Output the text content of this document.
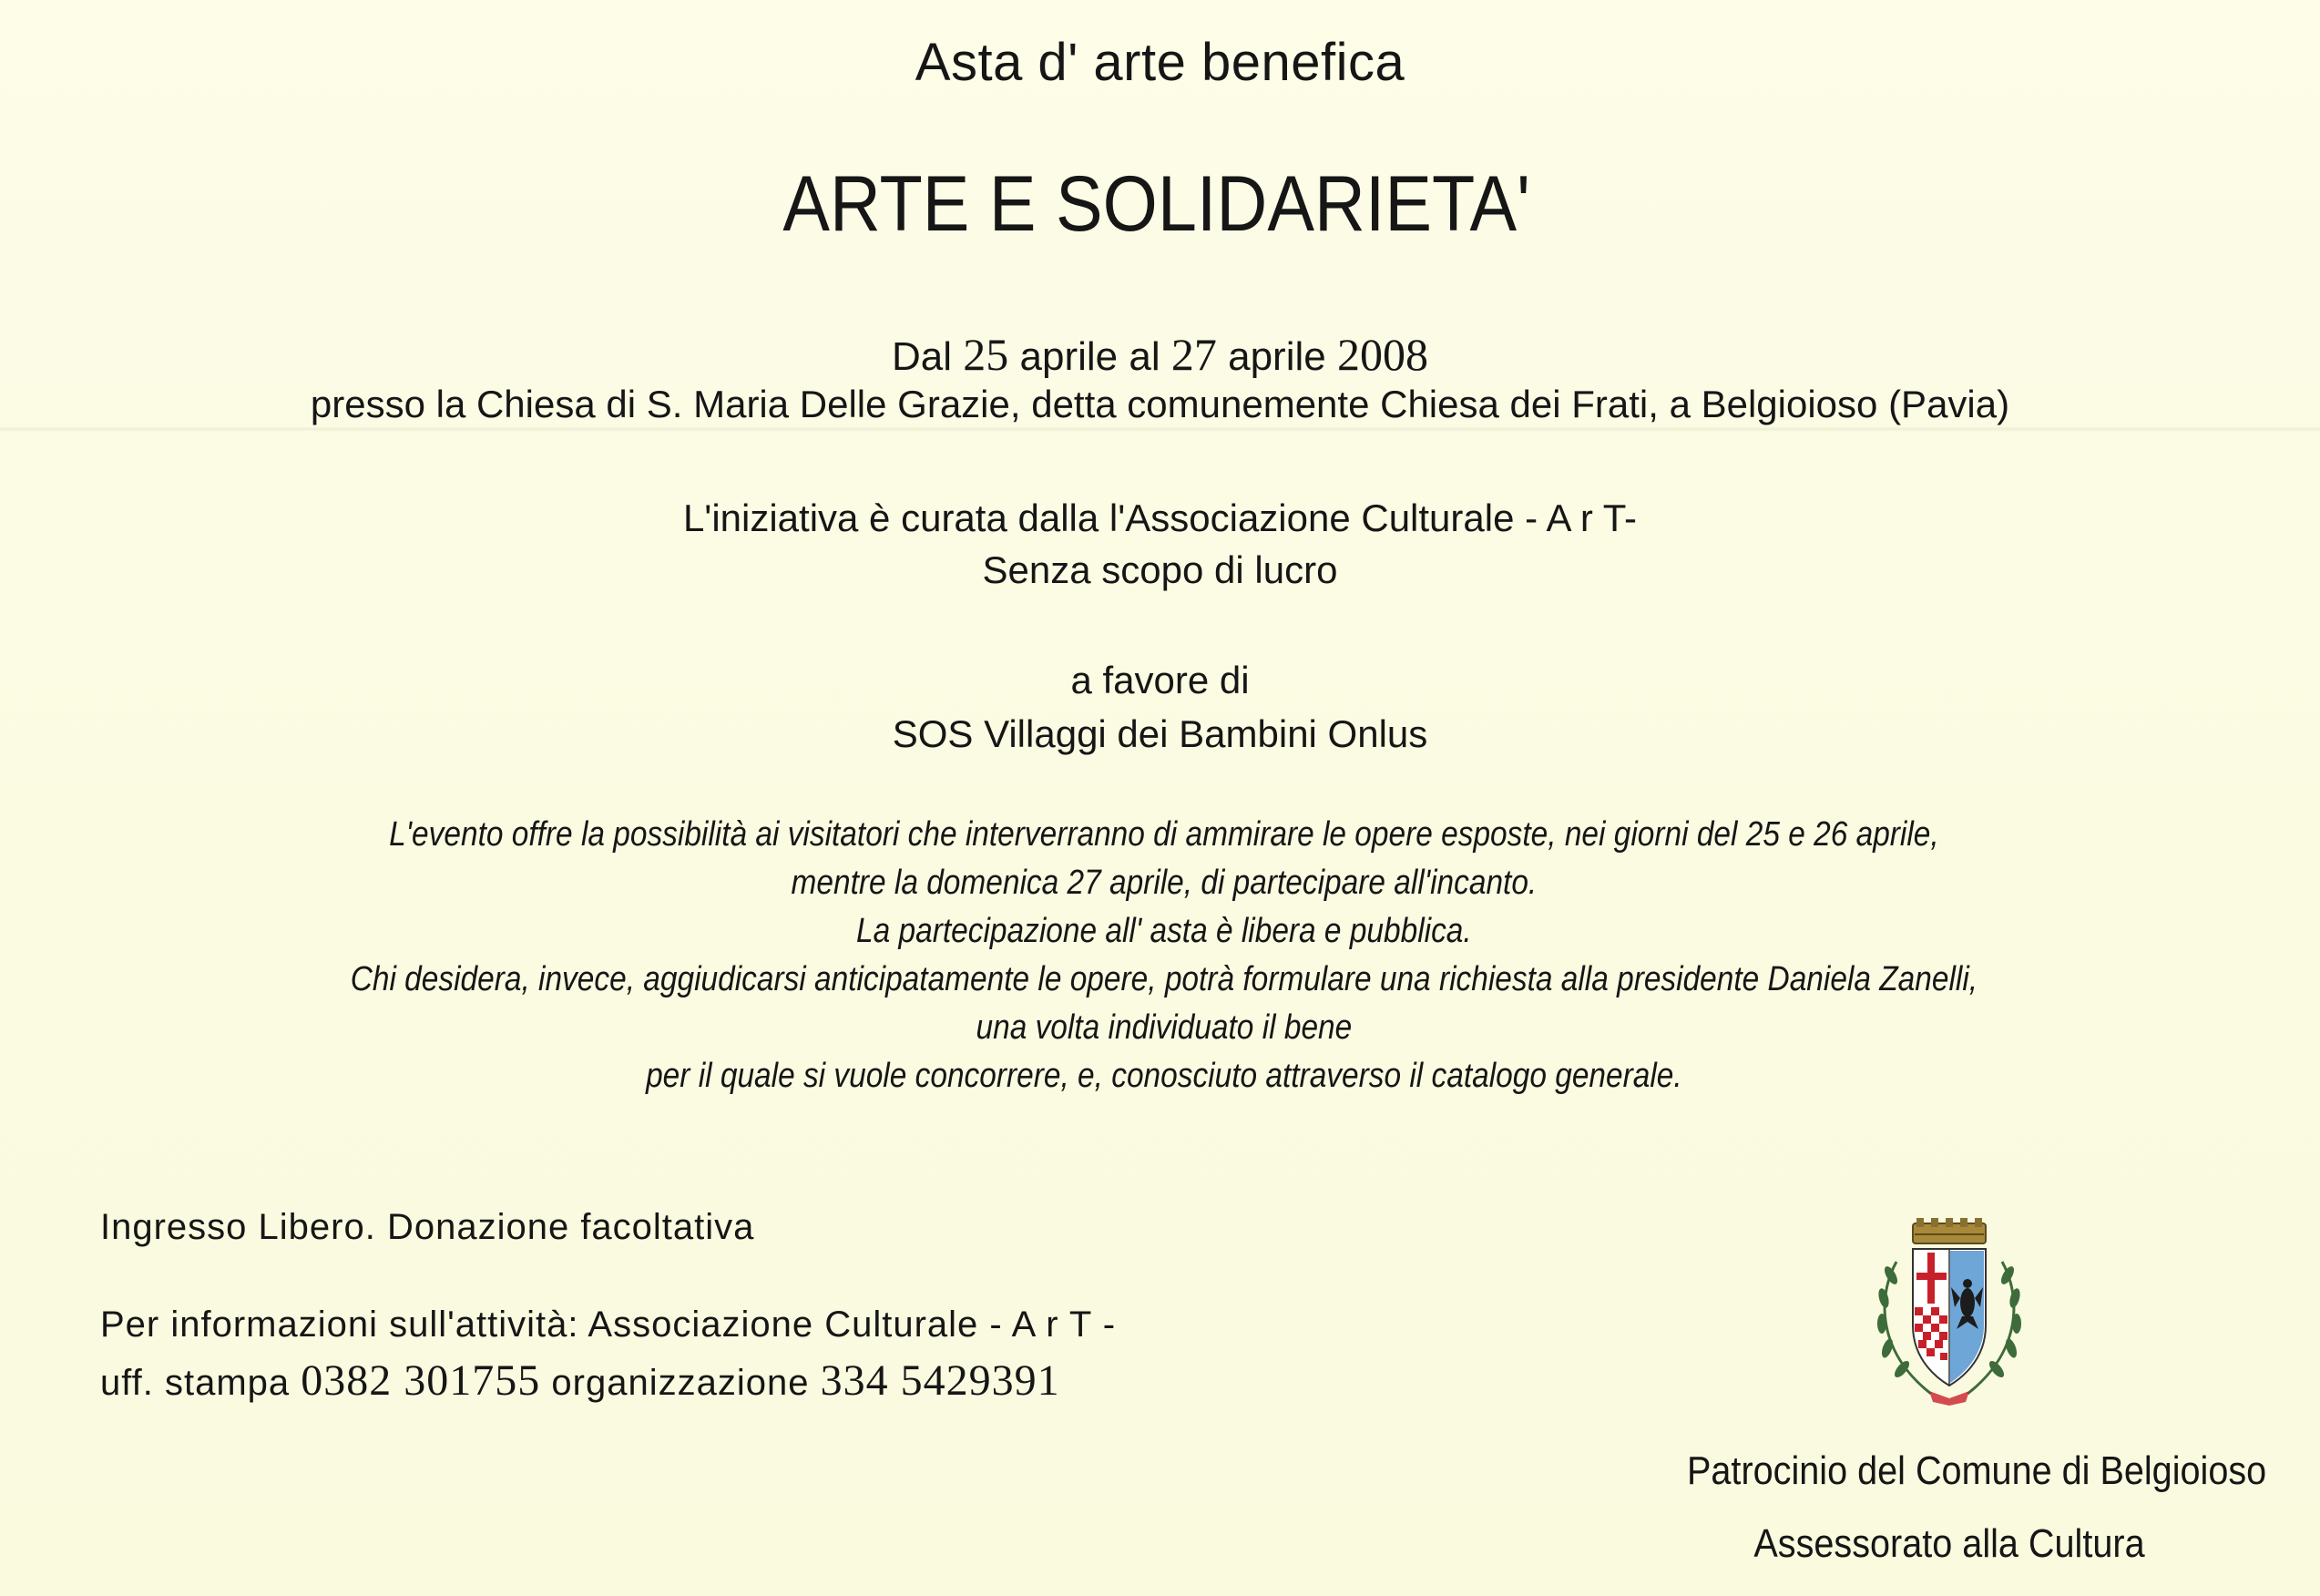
Asta d' arte benefica
ARTE E SOLIDARIETA'
Dal 25 aprile al 27 aprile 2008
presso la Chiesa di S. Maria Delle Grazie, detta comunemente Chiesa dei Frati, a Belgioioso (Pavia)
L'iniziativa è curata dalla l'Associazione Culturale - A r T-
Senza scopo di lucro
a favore di
SOS Villaggi dei Bambini Onlus
L'evento offre la possibilità ai visitatori che interverranno di ammirare le opere esposte, nei giorni del 25 e 26 aprile,
mentre la domenica 27 aprile, di partecipare all'incanto.
La partecipazione all' asta è libera e pubblica.
Chi desidera, invece, aggiudicarsi anticipatamente le opere, potrà formulare una richiesta alla presidente Daniela Zanelli,
una volta individuato il bene
per il quale si vuole concorrere, e, conosciuto attraverso il catalogo generale.
Ingresso Libero. Donazione facoltativa
Per informazioni sull'attività: Associazione Culturale - A r T -
uff. stampa 0382 301755 organizzazione 334 5429391
Patrocinio del Comune di Belgioioso
Assessorato alla Cultura
